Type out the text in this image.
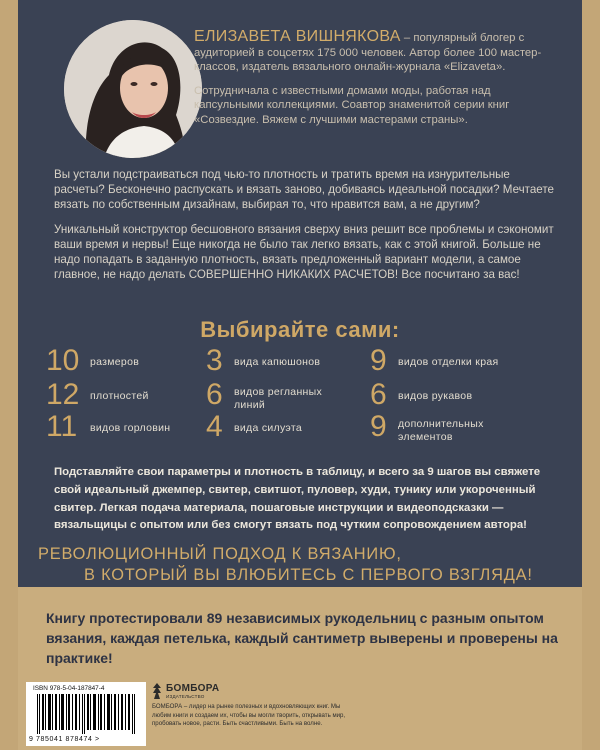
ЕЛИЗАВЕТА ВИШНЯКОВА – популярный блогер с аудиторией в соцсетях 175 000 человек. Автор более 100 мастер-классов, издатель вязального онлайн-журнала «Elizaveta».

Сотрудничала с известными домами моды, работая над капсульными коллекциями. Соавтор знаменитой серии книг «Созвездие. Вяжем с лучшими мастерами страны».

Вы устали подстраиваться под чью-то плотность и тратить время на изнурительные расчеты? Бесконечно распускать и вязать заново, добиваясь идеальной посадки? Мечтаете вязать по собственным дизайнам, выбирая то, что нравится вам, а не другим?

Уникальный конструктор бесшовного вязания сверху вниз решит все проблемы и сэкономит ваши время и нервы! Еще никогда не было так легко вязать, как с этой книгой. Больше не надо попадать в заданную плотность, вязать предложенный вариант модели, а самое главное, не надо делать СОВЕРШЕННО НИКАКИХ РАСЧЕТОВ! Все посчитано за вас!

Выбирайте сами:
10	размеров	3	вида капюшонов	9	видов отделки края
12	плотностей	6	видов регланных линий	6	видов рукавов
11	видов горловин	4	вида силуэта	9	дополнительных элементов
Подставляйте свои параметры и плотность в таблицу, и всего за 9 шагов вы свяжете свой идеальный джемпер, свитер, свитшот, пуловер, худи, тунику или укороченный свитер. Легкая подача материала, пошаговые инструкции и видеоподсказки — вязальщицы с опытом или без смогут вязать под чутким сопровождением автора!
РЕВОЛЮЦИОННЫЙ ПОДХОД К ВЯЗАНИЮ,
В КОТОРЫЙ ВЫ ВЛЮБИТЕСЬ С ПЕРВОГО ВЗГЛЯДА!
Книгу протестировали 89 независимых рукодельниц с разным опытом вязания, каждая петелька, каждый сантиметр выверены и проверены на практике!
ISBN 978-5-04-187847-4
9 785041 878474 >
БОМБОРА
ИЗДАТЕЛЬСТВО
БОМБОРА – лидер на рынке полезных и вдохновляющих книг. Мы любим книги и создаем их, чтобы вы могли творить, открывать мир, пробовать новое, расти. Быть счастливыми. Быть на волне.
